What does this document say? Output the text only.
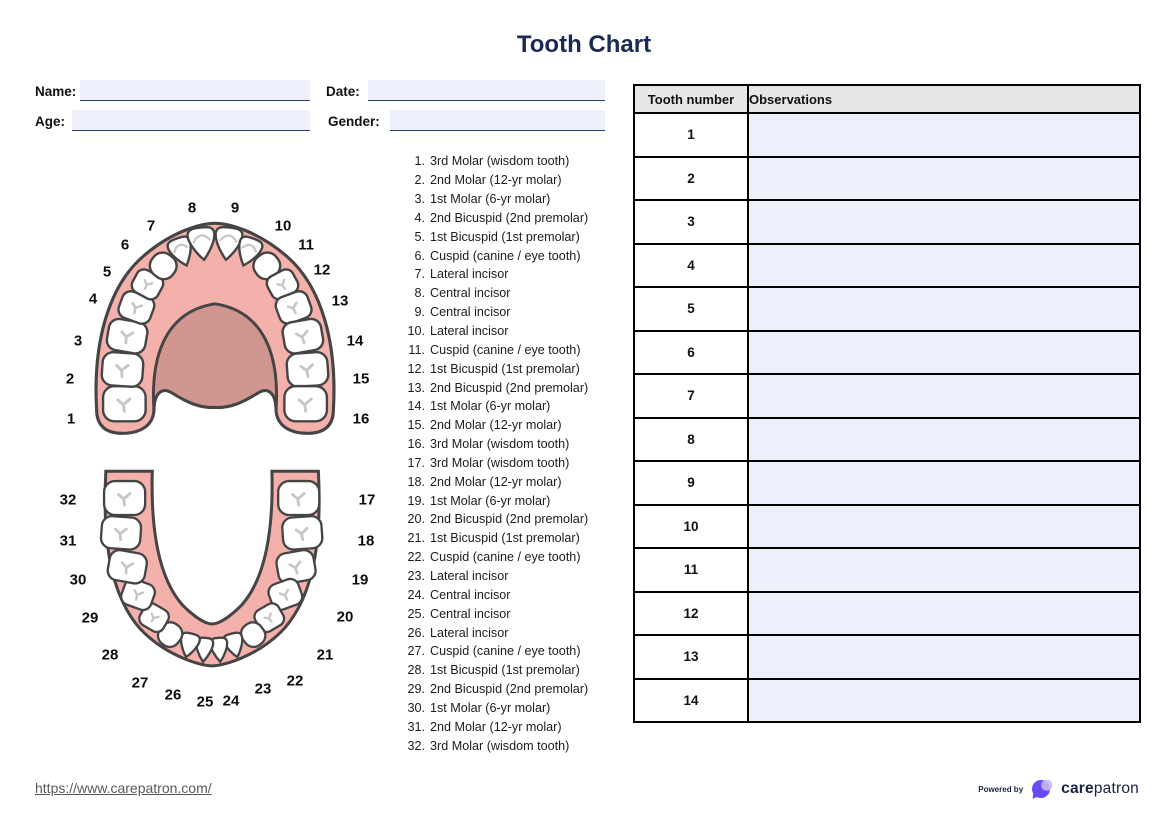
Tooth Chart
Name:	Date:
Age:	Gender:
1
2
3
4
5
6
7
8 9
10
11
12
13
14
15
16
17
18
19
20
21
22
23
24
25
26
27
28
29
30
31
32
1. 3rd Molar (wisdom tooth)
2. 2nd Molar (12-yr molar)
3. 1st Molar (6-yr molar)
4. 2nd Bicuspid (2nd premolar)
5. 1st Bicuspid (1st premolar)
6. Cuspid (canine / eye tooth)
7. Lateral incisor
8. Central incisor
9. Central incisor
10. Lateral incisor
11. Cuspid (canine / eye tooth)
12. 1st Bicuspid (1st premolar)
13. 2nd Bicuspid (2nd premolar)
14. 1st Molar (6-yr molar)
15. 2nd Molar (12-yr molar)
16. 3rd Molar (wisdom tooth)
17. 3rd Molar (wisdom tooth)
18. 2nd Molar (12-yr molar)
19. 1st Molar (6-yr molar)
20. 2nd Bicuspid (2nd premolar)
21. 1st Bicuspid (1st premolar)
22. Cuspid (canine / eye tooth)
23. Lateral incisor
24. Central incisor
25. Central incisor
26. Lateral incisor
27. Cuspid (canine / eye tooth)
28. 1st Bicuspid (1st premolar)
29. 2nd Bicuspid (2nd premolar)
30. 1st Molar (6-yr molar)
31. 2nd Molar (12-yr molar)
32. 3rd Molar (wisdom tooth)
Tooth number	Observations
1	
2	
3	
4	
5	
6	
7	
8	
9	
10	
11	
12	
13	
14	
https://www.carepatron.com/	Powered by carepatron
